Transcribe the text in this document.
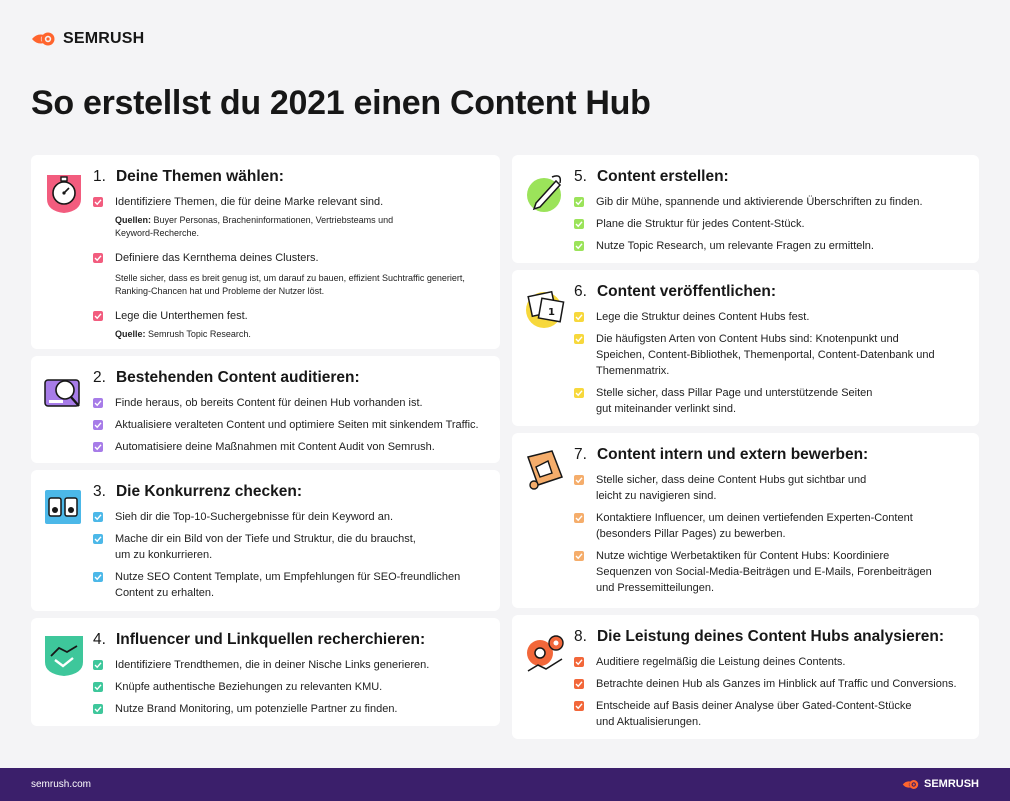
SEMRUSH
So erstellst du 2021 einen Content Hub
1. Deine Themen wählen:
Identifiziere Themen, die für deine Marke relevant sind.
Quellen: Buyer Personas, Bracheninformationen, Vertriebsteams und Keyword-Recherche.
Definiere das Kernthema deines Clusters.
Stelle sicher, dass es breit genug ist, um darauf zu bauen, effizient Suchtraffic generiert, Ranking-Chancen hat und Probleme der Nutzer löst.
Lege die Unterthemen fest.
Quelle: Semrush Topic Research.
2. Bestehenden Content auditieren:
Finde heraus, ob bereits Content für deinen Hub vorhanden ist.
Aktualisiere veralteten Content und optimiere Seiten mit sinkendem Traffic.
Automatisiere deine Maßnahmen mit Content Audit von Semrush.
3. Die Konkurrenz checken:
Sieh dir die Top-10-Suchergebnisse für dein Keyword an.
Mache dir ein Bild von der Tiefe und Struktur, die du brauchst, um zu konkurrieren.
Nutze SEO Content Template, um Empfehlungen für SEO-freundlichen Content zu erhalten.
4. Influencer und Linkquellen recherchieren:
Identifiziere Trendthemen, die in deiner Nische Links generieren.
Knüpfe authentische Beziehungen zu relevanten KMU.
Nutze Brand Monitoring, um potenzielle Partner zu finden.
5. Content erstellen:
Gib dir Mühe, spannende und aktivierende Überschriften zu finden.
Plane die Struktur für jedes Content-Stück.
Nutze Topic Research, um relevante Fragen zu ermitteln.
1
6. Content veröffentlichen:
Lege die Struktur deines Content Hubs fest.
Die häufigsten Arten von Content Hubs sind: Knotenpunkt und Speichen, Content-Bibliothek, Themenportal, Content-Datenbank und Themenmatrix.
Stelle sicher, dass Pillar Page und unterstützende Seiten gut miteinander verlinkt sind.
7. Content intern und extern bewerben:
Stelle sicher, dass deine Content Hubs gut sichtbar und leicht zu navigieren sind.
Kontaktiere Influencer, um deinen vertiefenden Experten-Content (besonders Pillar Pages) zu bewerben.
Nutze wichtige Werbetaktiken für Content Hubs: Koordiniere Sequenzen von Social-Media-Beiträgen und E-Mails, Forenbeiträgen und Pressemitteilungen.
8. Die Leistung deines Content Hubs analysieren:
Auditiere regelmäßig die Leistung deines Contents.
Betrachte deinen Hub als Ganzes im Hinblick auf Traffic und Conversions.
Entscheide auf Basis deiner Analyse über Gated-Content-Stücke und Aktualisierungen.
semrush.com	SEMRUSH
